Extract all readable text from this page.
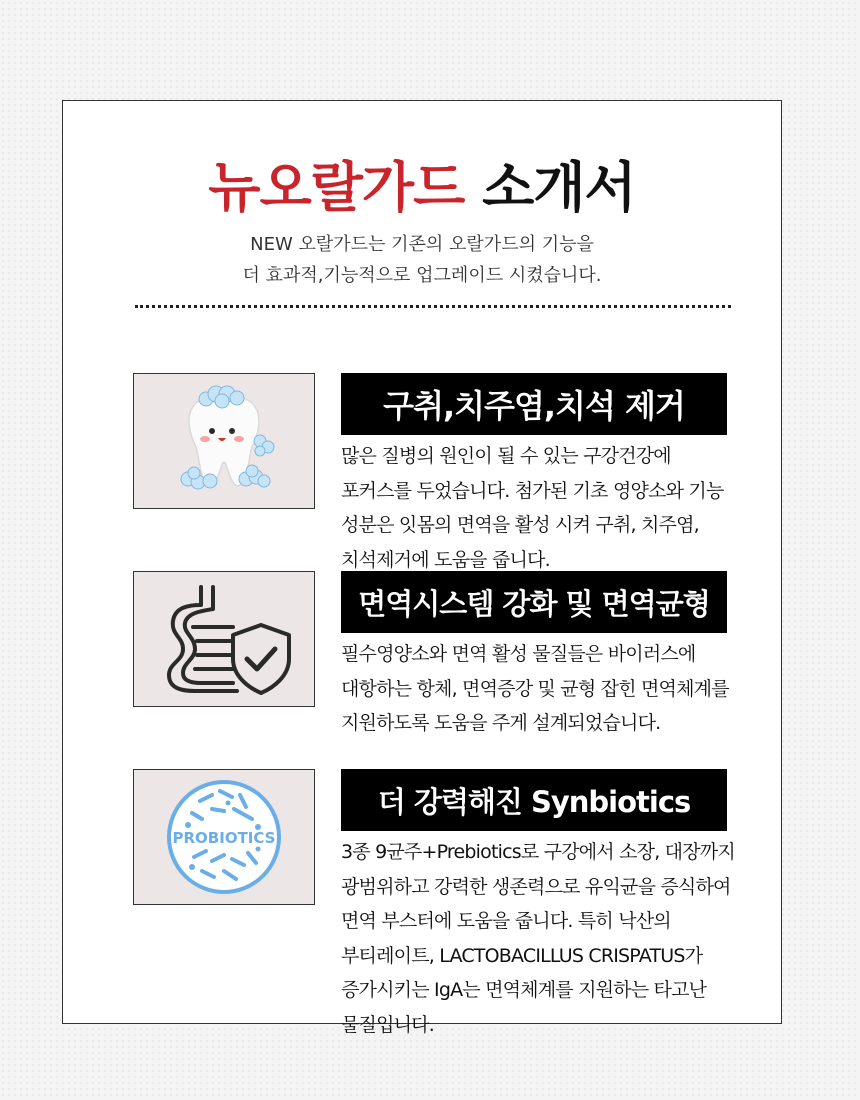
뉴오랄가드 소개서

NEW 오랄가드는 기존의 오랄가드의 기능을
더 효과적,기능적으로 업그레이드 시켰습니다.

구취,치주염,치석 제거

많은 질병의 원인이 될 수 있는 구강건강에 포커스를 두었습니다. 첨가된 기초 영양소와 기능 성분은 잇몸의 면역을 활성 시켜 구취, 치주염, 치석제거에 도움을 줍니다.

면역시스템 강화 및 면역균형

필수영양소와 면역 활성 물질들은 바이러스에 대항하는 항체, 면역증강 및 균형 잡힌 면역체계를 지원하도록 도움을 주게 설계되었습니다.

PROBIOTICS
더 강력해진 Synbiotics

3종 9균주+Prebiotics로 구강에서 소장, 대장까지 광범위하고 강력한 생존력으로 유익균을 증식하여 면역 부스터에 도움을 줍니다. 특히 낙산의 부티레이트, LACTOBACILLUS CRISPATUS가 증가시키는 IgA는 면역체계를 지원하는 타고난 물질입니다.
